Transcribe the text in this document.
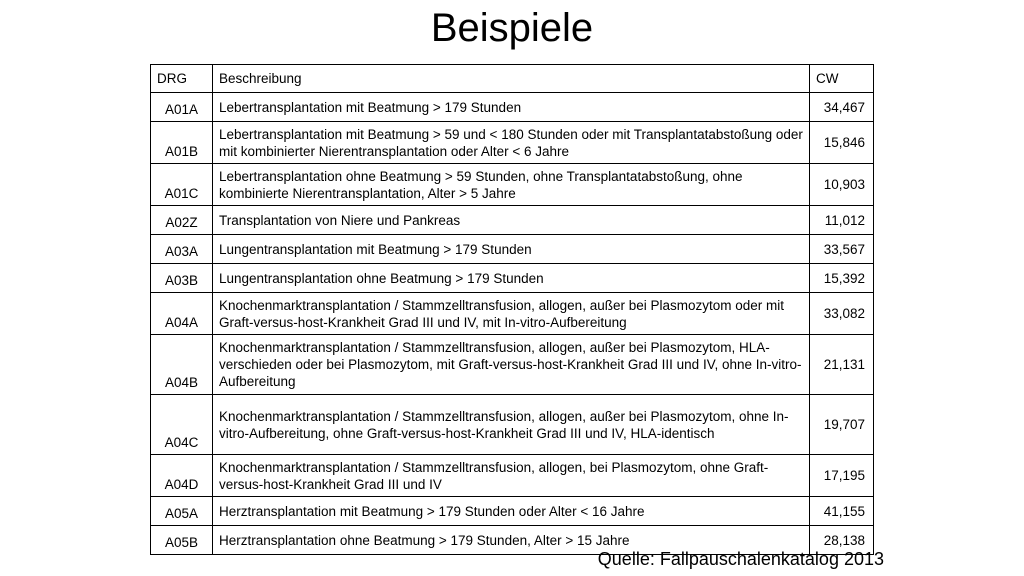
Beispiele
DRG	Beschreibung	CW
A01A	Lebertransplantation mit Beatmung > 179 Stunden	34,467
A01B	Lebertransplantation mit Beatmung > 59 und < 180 Stunden oder mit Transplantatabstoßung oder mit kombinierter Nierentransplantation oder Alter < 6 Jahre	15,846
A01C	Lebertransplantation ohne Beatmung > 59 Stunden, ohne Transplantatabstoßung, ohne kombinierte Nierentransplantation, Alter > 5 Jahre	10,903
A02Z	Transplantation von Niere und Pankreas	11,012
A03A	Lungentransplantation mit Beatmung > 179 Stunden	33,567
A03B	Lungentransplantation ohne Beatmung > 179 Stunden	15,392
A04A	Knochenmarktransplantation / Stammzelltransfusion, allogen, außer bei Plasmozytom oder mit Graft-versus-host-Krankheit Grad III und IV, mit In-vitro-Aufbereitung	33,082
A04B	Knochenmarktransplantation / Stammzelltransfusion, allogen, außer bei Plasmozytom, HLA-verschieden oder bei Plasmozytom, mit Graft-versus-host-Krankheit Grad III und IV, ohne In-vitro-Aufbereitung	21,131
A04C	Knochenmarktransplantation / Stammzelltransfusion, allogen, außer bei Plasmozytom, ohne In-vitro-Aufbereitung, ohne Graft-versus-host-Krankheit Grad III und IV, HLA-identisch	19,707
A04D	Knochenmarktransplantation / Stammzelltransfusion, allogen, bei Plasmozytom, ohne Graft-versus-host-Krankheit Grad III und IV	17,195
A05A	Herztransplantation mit Beatmung > 179 Stunden oder Alter < 16 Jahre	41,155
A05B	Herztransplantation ohne Beatmung > 179 Stunden, Alter > 15 Jahre	28,138
Quelle: Fallpauschalenkatalog 2013
